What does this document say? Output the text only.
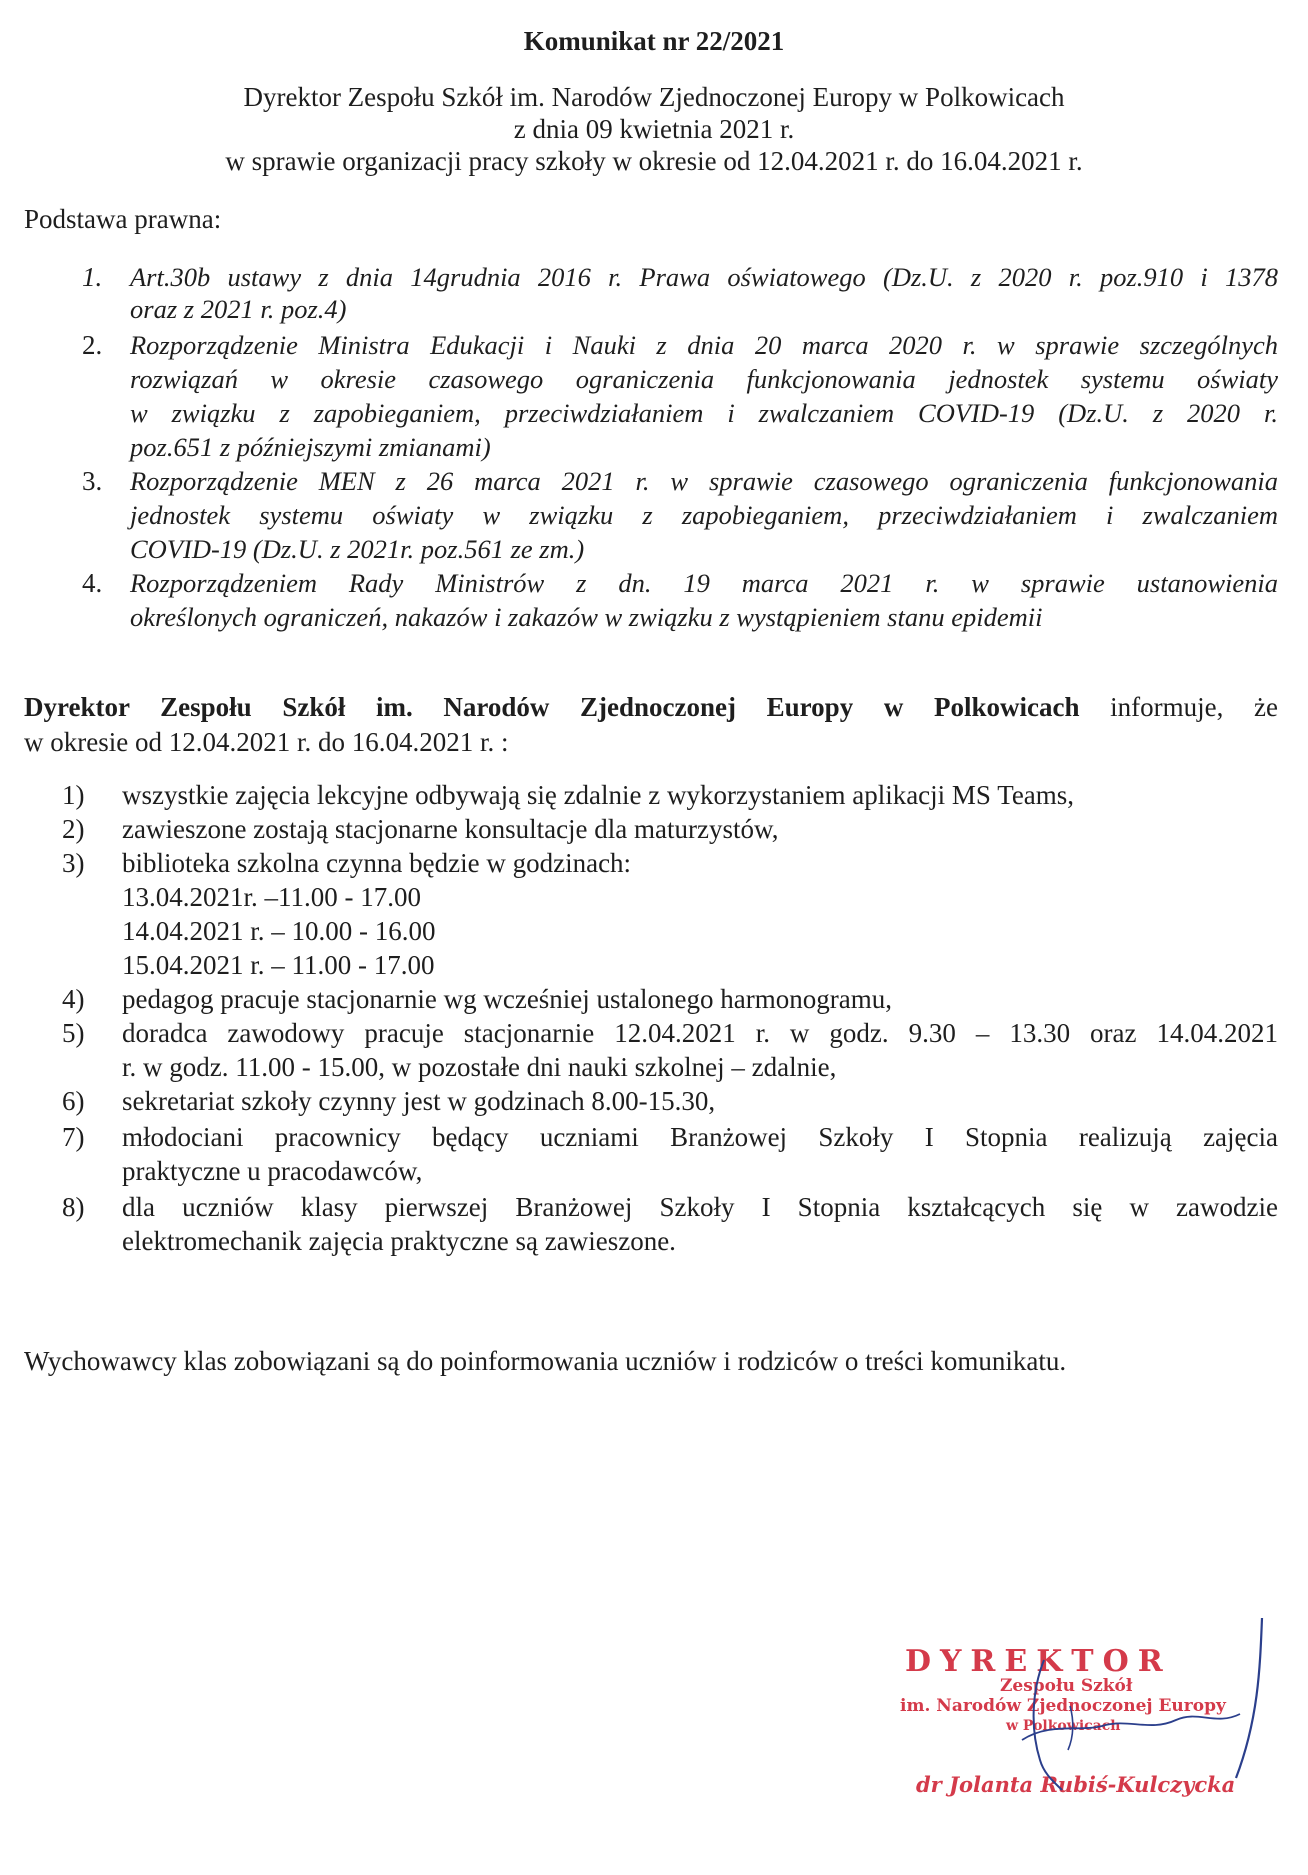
Komunikat nr 22/2021
Dyrektor Zespołu Szkół im. Narodów Zjednoczonej Europy w Polkowicach
z dnia 09 kwietnia 2021 r.
w sprawie organizacji pracy szkoły w okresie od 12.04.2021 r. do 16.04.2021 r.
Podstawa prawna:
1. Art.30b ustawy z dnia 14grudnia 2016 r. Prawa oświatowego (Dz.U. z 2020 r. poz.910 i 1378
oraz z 2021 r. poz.4)
2. Rozporządzenie Ministra Edukacji i Nauki z dnia 20 marca 2020 r. w sprawie szczególnych
rozwiązań w okresie czasowego ograniczenia funkcjonowania jednostek systemu oświaty
w związku z zapobieganiem, przeciwdziałaniem i zwalczaniem COVID-19 (Dz.U. z 2020 r.
poz.651 z późniejszymi zmianami)
3. Rozporządzenie MEN z 26 marca 2021 r. w sprawie czasowego ograniczenia funkcjonowania
jednostek systemu oświaty w związku z zapobieganiem, przeciwdziałaniem i zwalczaniem
COVID-19 (Dz.U. z 2021r. poz.561 ze zm.)
4. Rozporządzeniem Rady Ministrów z dn. 19 marca 2021 r. w sprawie ustanowienia
określonych ograniczeń, nakazów i zakazów w związku z wystąpieniem stanu epidemii
Dyrektor Zespołu Szkół im. Narodów Zjednoczonej Europy w Polkowicach informuje, że
w okresie od 12.04.2021 r. do 16.04.2021 r. :
1) wszystkie zajęcia lekcyjne odbywają się zdalnie z wykorzystaniem aplikacji MS Teams,
2) zawieszone zostają stacjonarne konsultacje dla maturzystów,
3) biblioteka szkolna czynna będzie w godzinach:
13.04.2021r. –11.00 - 17.00
14.04.2021 r. – 10.00 - 16.00
15.04.2021 r. – 11.00 - 17.00
4) pedagog pracuje stacjonarnie wg wcześniej ustalonego harmonogramu,
5) doradca zawodowy pracuje stacjonarnie 12.04.2021 r. w godz. 9.30 – 13.30 oraz 14.04.2021
r. w godz. 11.00 - 15.00, w pozostałe dni nauki szkolnej – zdalnie,
6) sekretariat szkoły czynny jest w godzinach 8.00-15.30,
7) młodociani pracownicy będący uczniami Branżowej Szkoły I Stopnia realizują zajęcia
praktyczne u pracodawców,
8) dla uczniów klasy pierwszej Branżowej Szkoły I Stopnia kształcących się w zawodzie
elektromechanik zajęcia praktyczne są zawieszone.
Wychowawcy klas zobowiązani są do poinformowania uczniów i rodziców o treści komunikatu.
DYREKTOR
Zespołu Szkół
im. Narodów Zjednoczonej Europy
w Polkowicach
dr Jolanta Rubiś-Kulczycka
